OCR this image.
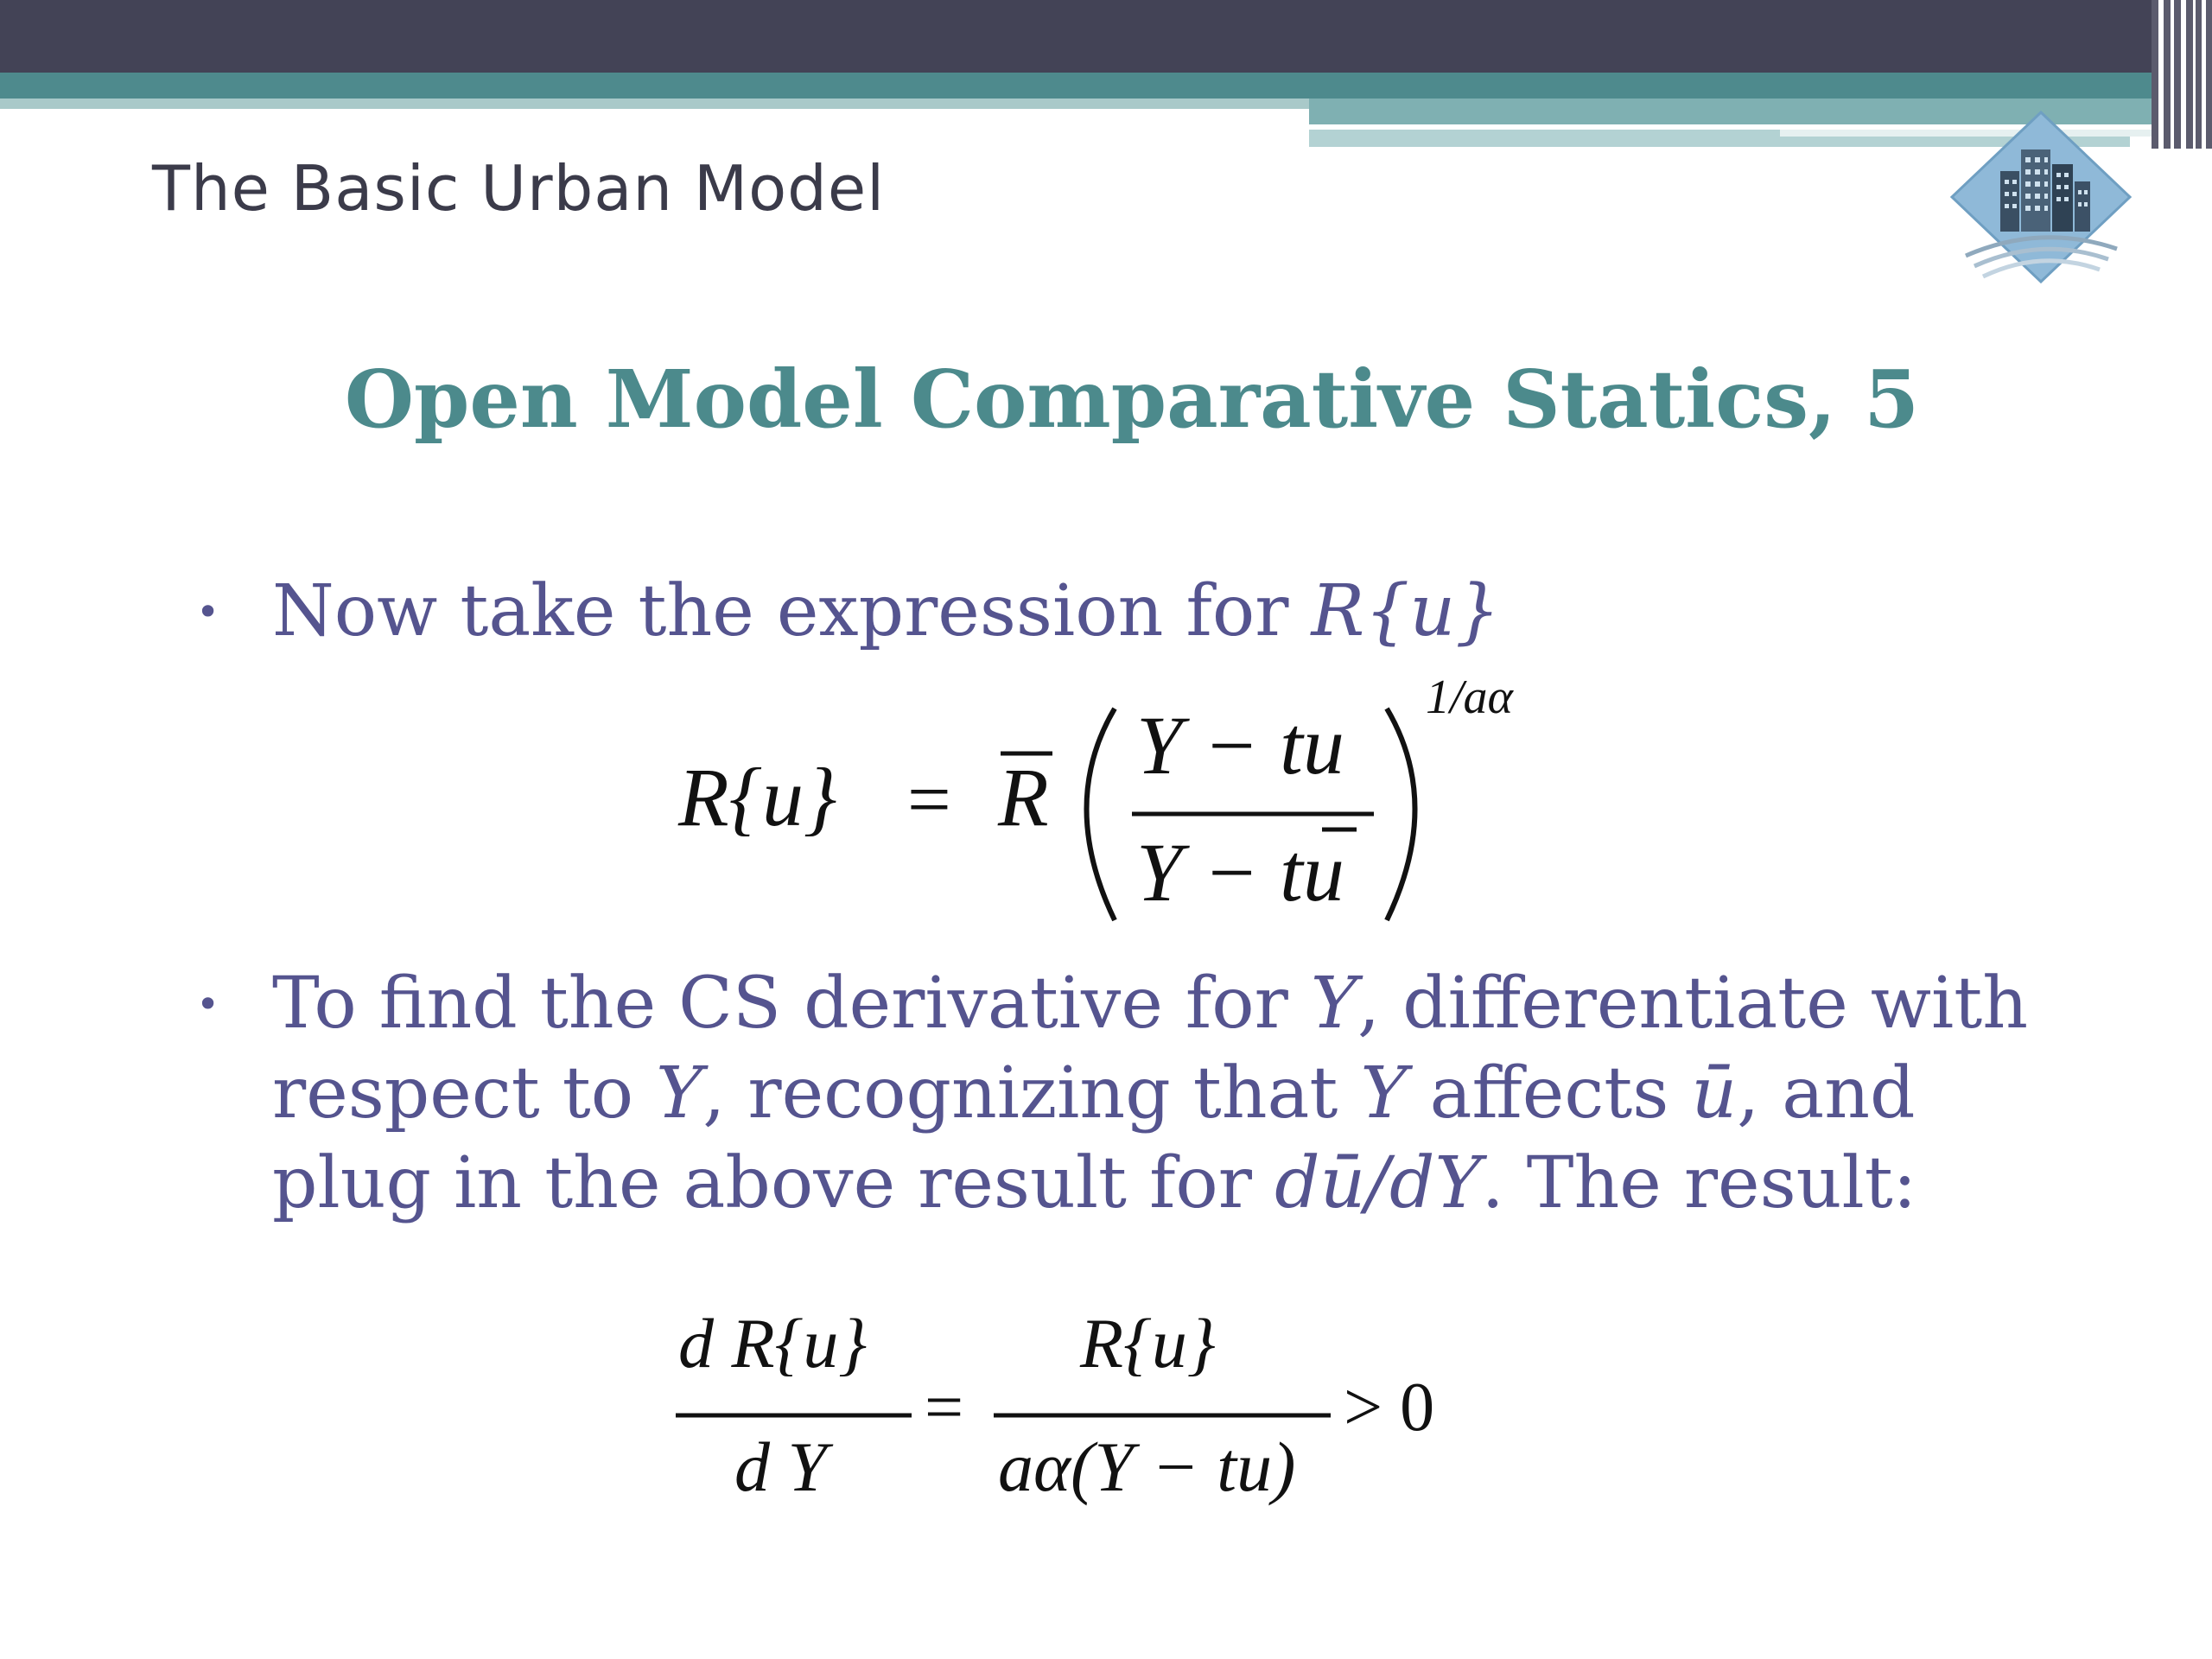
The Basic Urban Model
Open Model Comparative Statics, 5
• Now take the expression for R{u}
R{u} = R
Y − tu
Y − tu
1/aα
• To find the CS derivative for Y, differentiate with respect to Y, recognizing that Y affects ū, and plug in the above result for dū/dY. The result:
d R{u}
d Y
=
R{u}
aα(Y − tu)
> 0
